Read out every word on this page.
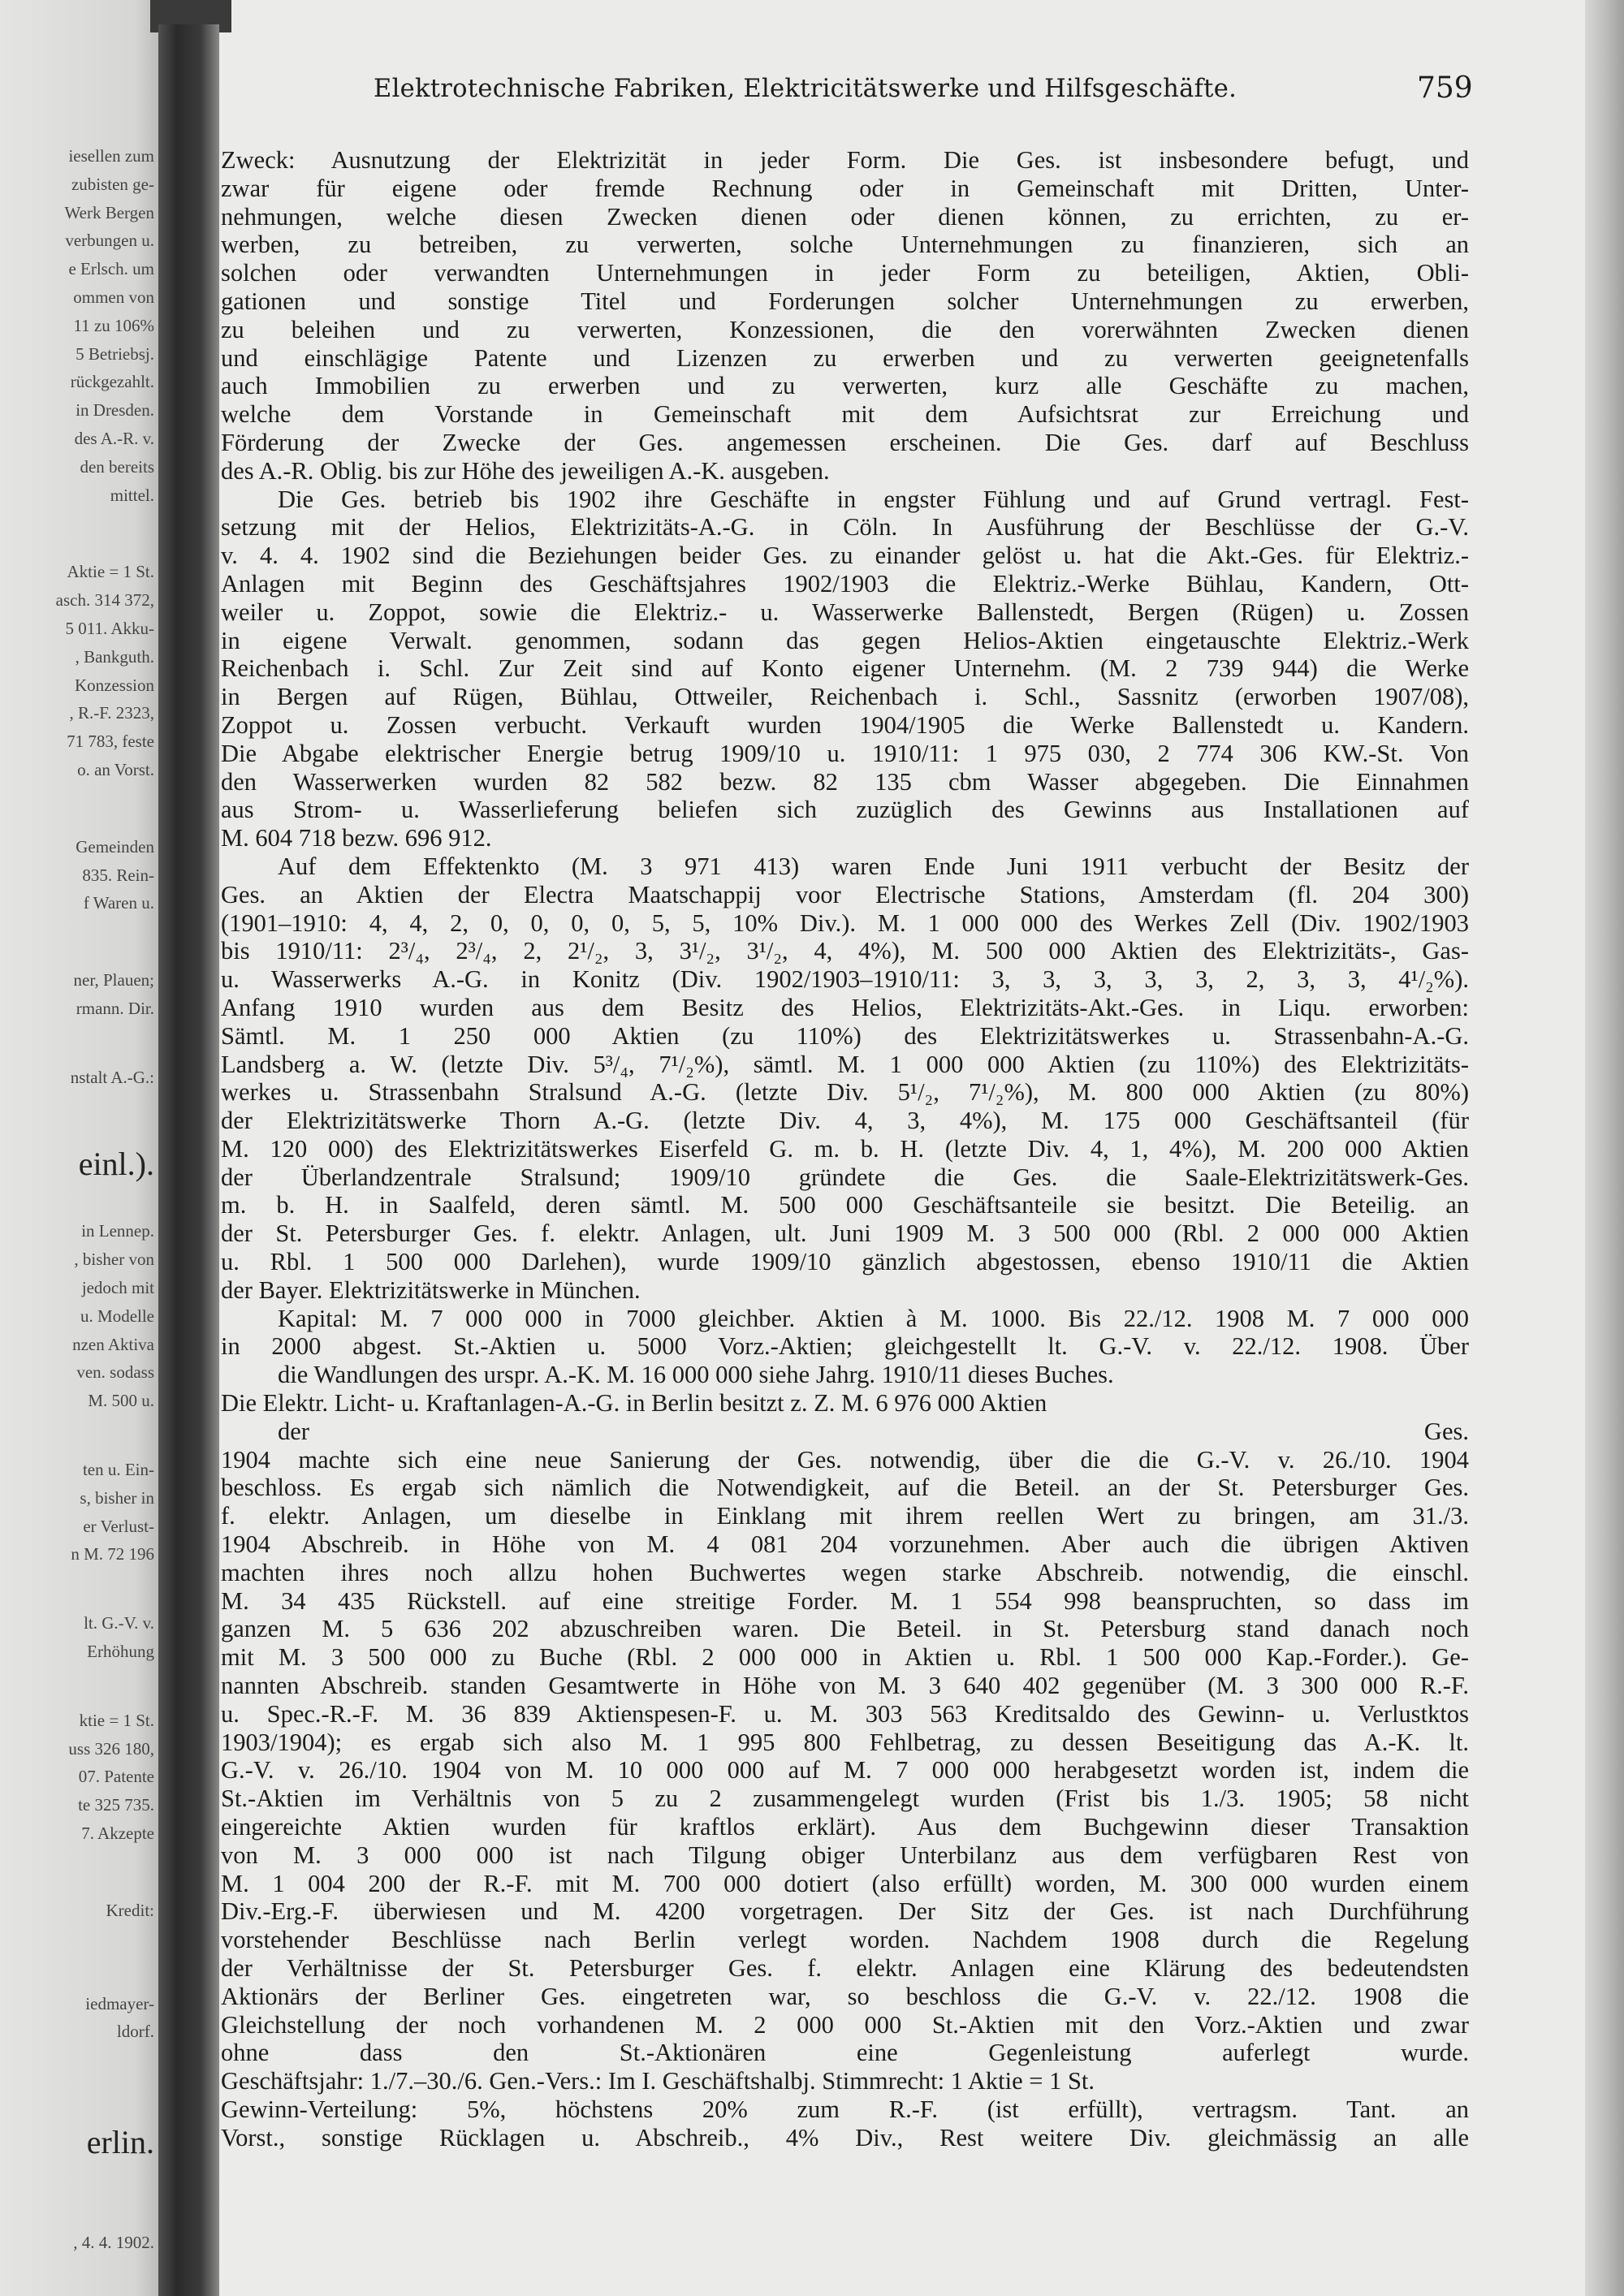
iesellen zum
zubisten ge-
Werk Bergen
verbungen u.
e Erlsch. um
ommen von
11 zu 106%
5 Betriebsj.
rückgezahlt.
in Dresden.
des A.-R. v.
den bereits
mittel.
Aktie = 1 St.
asch. 314 372,
5 011. Akku-
, Bankguth.
Konzession
, R.-F. 2323,
71 783, feste
o. an Vorst.
Gemeinden
835. Rein-
f Waren u.
ner, Plauen;
rmann. Dir.
nstalt A.-G.:
einl.).
in Lennep.
, bisher von
jedoch mit
u. Modelle
nzen Aktiva
ven. sodass
M. 500 u.
ten u. Ein-
s, bisher in
er Verlust-
n M. 72 196
lt. G.-V. v.
Erhöhung
ktie = 1 St.
uss 326 180,
07. Patente
te 325 735.
7. Akzepte
Kredit:
iedmayer-
ldorf.
erlin.
, 4. 4. 1902.
Elektrotechnische Fabriken, Elektricitätswerke und Hilfsgeschäfte.	759
Zweck: Ausnutzung der Elektrizität in jeder Form. Die Ges. ist insbesondere befugt, und
zwar für eigene oder fremde Rechnung oder in Gemeinschaft mit Dritten, Unter-
nehmungen, welche diesen Zwecken dienen oder dienen können, zu errichten, zu er-
werben, zu betreiben, zu verwerten, solche Unternehmungen zu finanzieren, sich an
solchen oder verwandten Unternehmungen in jeder Form zu beteiligen, Aktien, Obli-
gationen und sonstige Titel und Forderungen solcher Unternehmungen zu erwerben,
zu beleihen und zu verwerten, Konzessionen, die den vorerwähnten Zwecken dienen
und einschlägige Patente und Lizenzen zu erwerben und zu verwerten geeignetenfalls
auch Immobilien zu erwerben und zu verwerten, kurz alle Geschäfte zu machen,
welche dem Vorstande in Gemeinschaft mit dem Aufsichtsrat zur Erreichung und
Förderung der Zwecke der Ges. angemessen erscheinen. Die Ges. darf auf Beschluss
des A.-R. Oblig. bis zur Höhe des jeweiligen A.-K. ausgeben.
Die Ges. betrieb bis 1902 ihre Geschäfte in engster Fühlung und auf Grund vertragl. Fest-
setzung mit der Helios, Elektrizitäts-A.-G. in Cöln. In Ausführung der Beschlüsse der G.-V.
v. 4. 4. 1902 sind die Beziehungen beider Ges. zu einander gelöst u. hat die Akt.-Ges. für Elektriz.-
Anlagen mit Beginn des Geschäftsjahres 1902/1903 die Elektriz.-Werke Bühlau, Kandern, Ott-
weiler u. Zoppot, sowie die Elektriz.- u. Wasserwerke Ballenstedt, Bergen (Rügen) u. Zossen
in eigene Verwalt. genommen, sodann das gegen Helios-Aktien eingetauschte Elektriz.-Werk
Reichenbach i. Schl. Zur Zeit sind auf Konto eigener Unternehm. (M. 2 739 944) die Werke
in Bergen auf Rügen, Bühlau, Ottweiler, Reichenbach i. Schl., Sassnitz (erworben 1907/08),
Zoppot u. Zossen verbucht. Verkauft wurden 1904/1905 die Werke Ballenstedt u. Kandern.
Die Abgabe elektrischer Energie betrug 1909/10 u. 1910/11: 1 975 030, 2 774 306 KW.-St. Von
den Wasserwerken wurden 82 582 bezw. 82 135 cbm Wasser abgegeben. Die Einnahmen
aus Strom- u. Wasserlieferung beliefen sich zuzüglich des Gewinns aus Installationen auf
M. 604 718 bezw. 696 912.
Auf dem Effektenkto (M. 3 971 413) waren Ende Juni 1911 verbucht der Besitz der
Ges. an Aktien der Electra Maatschappij voor Electrische Stations, Amsterdam (fl. 204 300)
(1901–1910: 4, 4, 2, 0, 0, 0, 0, 5, 5, 10% Div.). M. 1 000 000 des Werkes Zell (Div. 1902/1903
bis 1910/11: 2³/₄, 2³/₄, 2, 2¹/₂, 3, 3¹/₂, 3¹/₂, 4, 4%), M. 500 000 Aktien des Elektrizitäts-, Gas-
u. Wasserwerks A.-G. in Konitz (Div. 1902/1903–1910/11: 3, 3, 3, 3, 3, 2, 3, 3, 4¹/₂%).
Anfang 1910 wurden aus dem Besitz des Helios, Elektrizitäts-Akt.-Ges. in Liqu. erworben:
Sämtl. M. 1 250 000 Aktien (zu 110%) des Elektrizitätswerkes u. Strassenbahn-A.-G.
Landsberg a. W. (letzte Div. 5³/₄, 7¹/₂%), sämtl. M. 1 000 000 Aktien (zu 110%) des Elektrizitäts-
werkes u. Strassenbahn Stralsund A.-G. (letzte Div. 5¹/₂, 7¹/₂%), M. 800 000 Aktien (zu 80%)
der Elektrizitätswerke Thorn A.-G. (letzte Div. 4, 3, 4%), M. 175 000 Geschäftsanteil (für
M. 120 000) des Elektrizitätswerkes Eiserfeld G. m. b. H. (letzte Div. 4, 1, 4%), M. 200 000 Aktien
der Überlandzentrale Stralsund; 1909/10 gründete die Ges. die Saale-Elektrizitätswerk-Ges.
m. b. H. in Saalfeld, deren sämtl. M. 500 000 Geschäftsanteile sie besitzt. Die Beteilig. an
der St. Petersburger Ges. f. elektr. Anlagen, ult. Juni 1909 M. 3 500 000 (Rbl. 2 000 000 Aktien
u. Rbl. 1 500 000 Darlehen), wurde 1909/10 gänzlich abgestossen, ebenso 1910/11 die Aktien
der Bayer. Elektrizitätswerke in München.
Kapital: M. 7 000 000 in 7000 gleichber. Aktien à M. 1000. Bis 22./12. 1908 M. 7 000 000
in 2000 abgest. St.-Aktien u. 5000 Vorz.-Aktien; gleichgestellt lt. G.-V. v. 22./12. 1908. Über
die Wandlungen des urspr. A.-K. M. 16 000 000 siehe Jahrg. 1910/11 dieses Buches.
Die Elektr. Licht- u. Kraftanlagen-A.-G. in Berlin besitzt z. Z. M. 6 976 000 Aktien
der Ges.
1904 machte sich eine neue Sanierung der Ges. notwendig, über die die G.-V. v. 26./10. 1904
beschloss. Es ergab sich nämlich die Notwendigkeit, auf die Beteil. an der St. Petersburger Ges.
f. elektr. Anlagen, um dieselbe in Einklang mit ihrem reellen Wert zu bringen, am 31./3.
1904 Abschreib. in Höhe von M. 4 081 204 vorzunehmen. Aber auch die übrigen Aktiven
machten ihres noch allzu hohen Buchwertes wegen starke Abschreib. notwendig, die einschl.
M. 34 435 Rückstell. auf eine streitige Forder. M. 1 554 998 beanspruchten, so dass im
ganzen M. 5 636 202 abzuschreiben waren. Die Beteil. in St. Petersburg stand danach noch
mit M. 3 500 000 zu Buche (Rbl. 2 000 000 in Aktien u. Rbl. 1 500 000 Kap.-Forder.). Ge-
nannten Abschreib. standen Gesamtwerte in Höhe von M. 3 640 402 gegenüber (M. 3 300 000 R.-F.
u. Spec.-R.-F. M. 36 839 Aktienspesen-F. u. M. 303 563 Kreditsaldo des Gewinn- u. Verlustktos
1903/1904); es ergab sich also M. 1 995 800 Fehlbetrag, zu dessen Beseitigung das A.-K. lt.
G.-V. v. 26./10. 1904 von M. 10 000 000 auf M. 7 000 000 herabgesetzt worden ist, indem die
St.-Aktien im Verhältnis von 5 zu 2 zusammengelegt wurden (Frist bis 1./3. 1905; 58 nicht
eingereichte Aktien wurden für kraftlos erklärt). Aus dem Buchgewinn dieser Transaktion
von M. 3 000 000 ist nach Tilgung obiger Unterbilanz aus dem verfügbaren Rest von
M. 1 004 200 der R.-F. mit M. 700 000 dotiert (also erfüllt) worden, M. 300 000 wurden einem
Div.-Erg.-F. überwiesen und M. 4200 vorgetragen. Der Sitz der Ges. ist nach Durchführung
vorstehender Beschlüsse nach Berlin verlegt worden. Nachdem 1908 durch die Regelung
der Verhältnisse der St. Petersburger Ges. f. elektr. Anlagen eine Klärung des bedeutendsten
Aktionärs der Berliner Ges. eingetreten war, so beschloss die G.-V. v. 22./12. 1908 die
Gleichstellung der noch vorhandenen M. 2 000 000 St.-Aktien mit den Vorz.-Aktien und zwar
ohne dass den St.-Aktionären eine Gegenleistung auferlegt wurde.
Geschäftsjahr: 1./7.–30./6. Gen.-Vers.: Im I. Geschäftshalbj. Stimmrecht: 1 Aktie = 1 St.
Gewinn-Verteilung: 5%, höchstens 20% zum R.-F. (ist erfüllt), vertragsm. Tant. an
Vorst., sonstige Rücklagen u. Abschreib., 4% Div., Rest weitere Div. gleichmässig an alle
